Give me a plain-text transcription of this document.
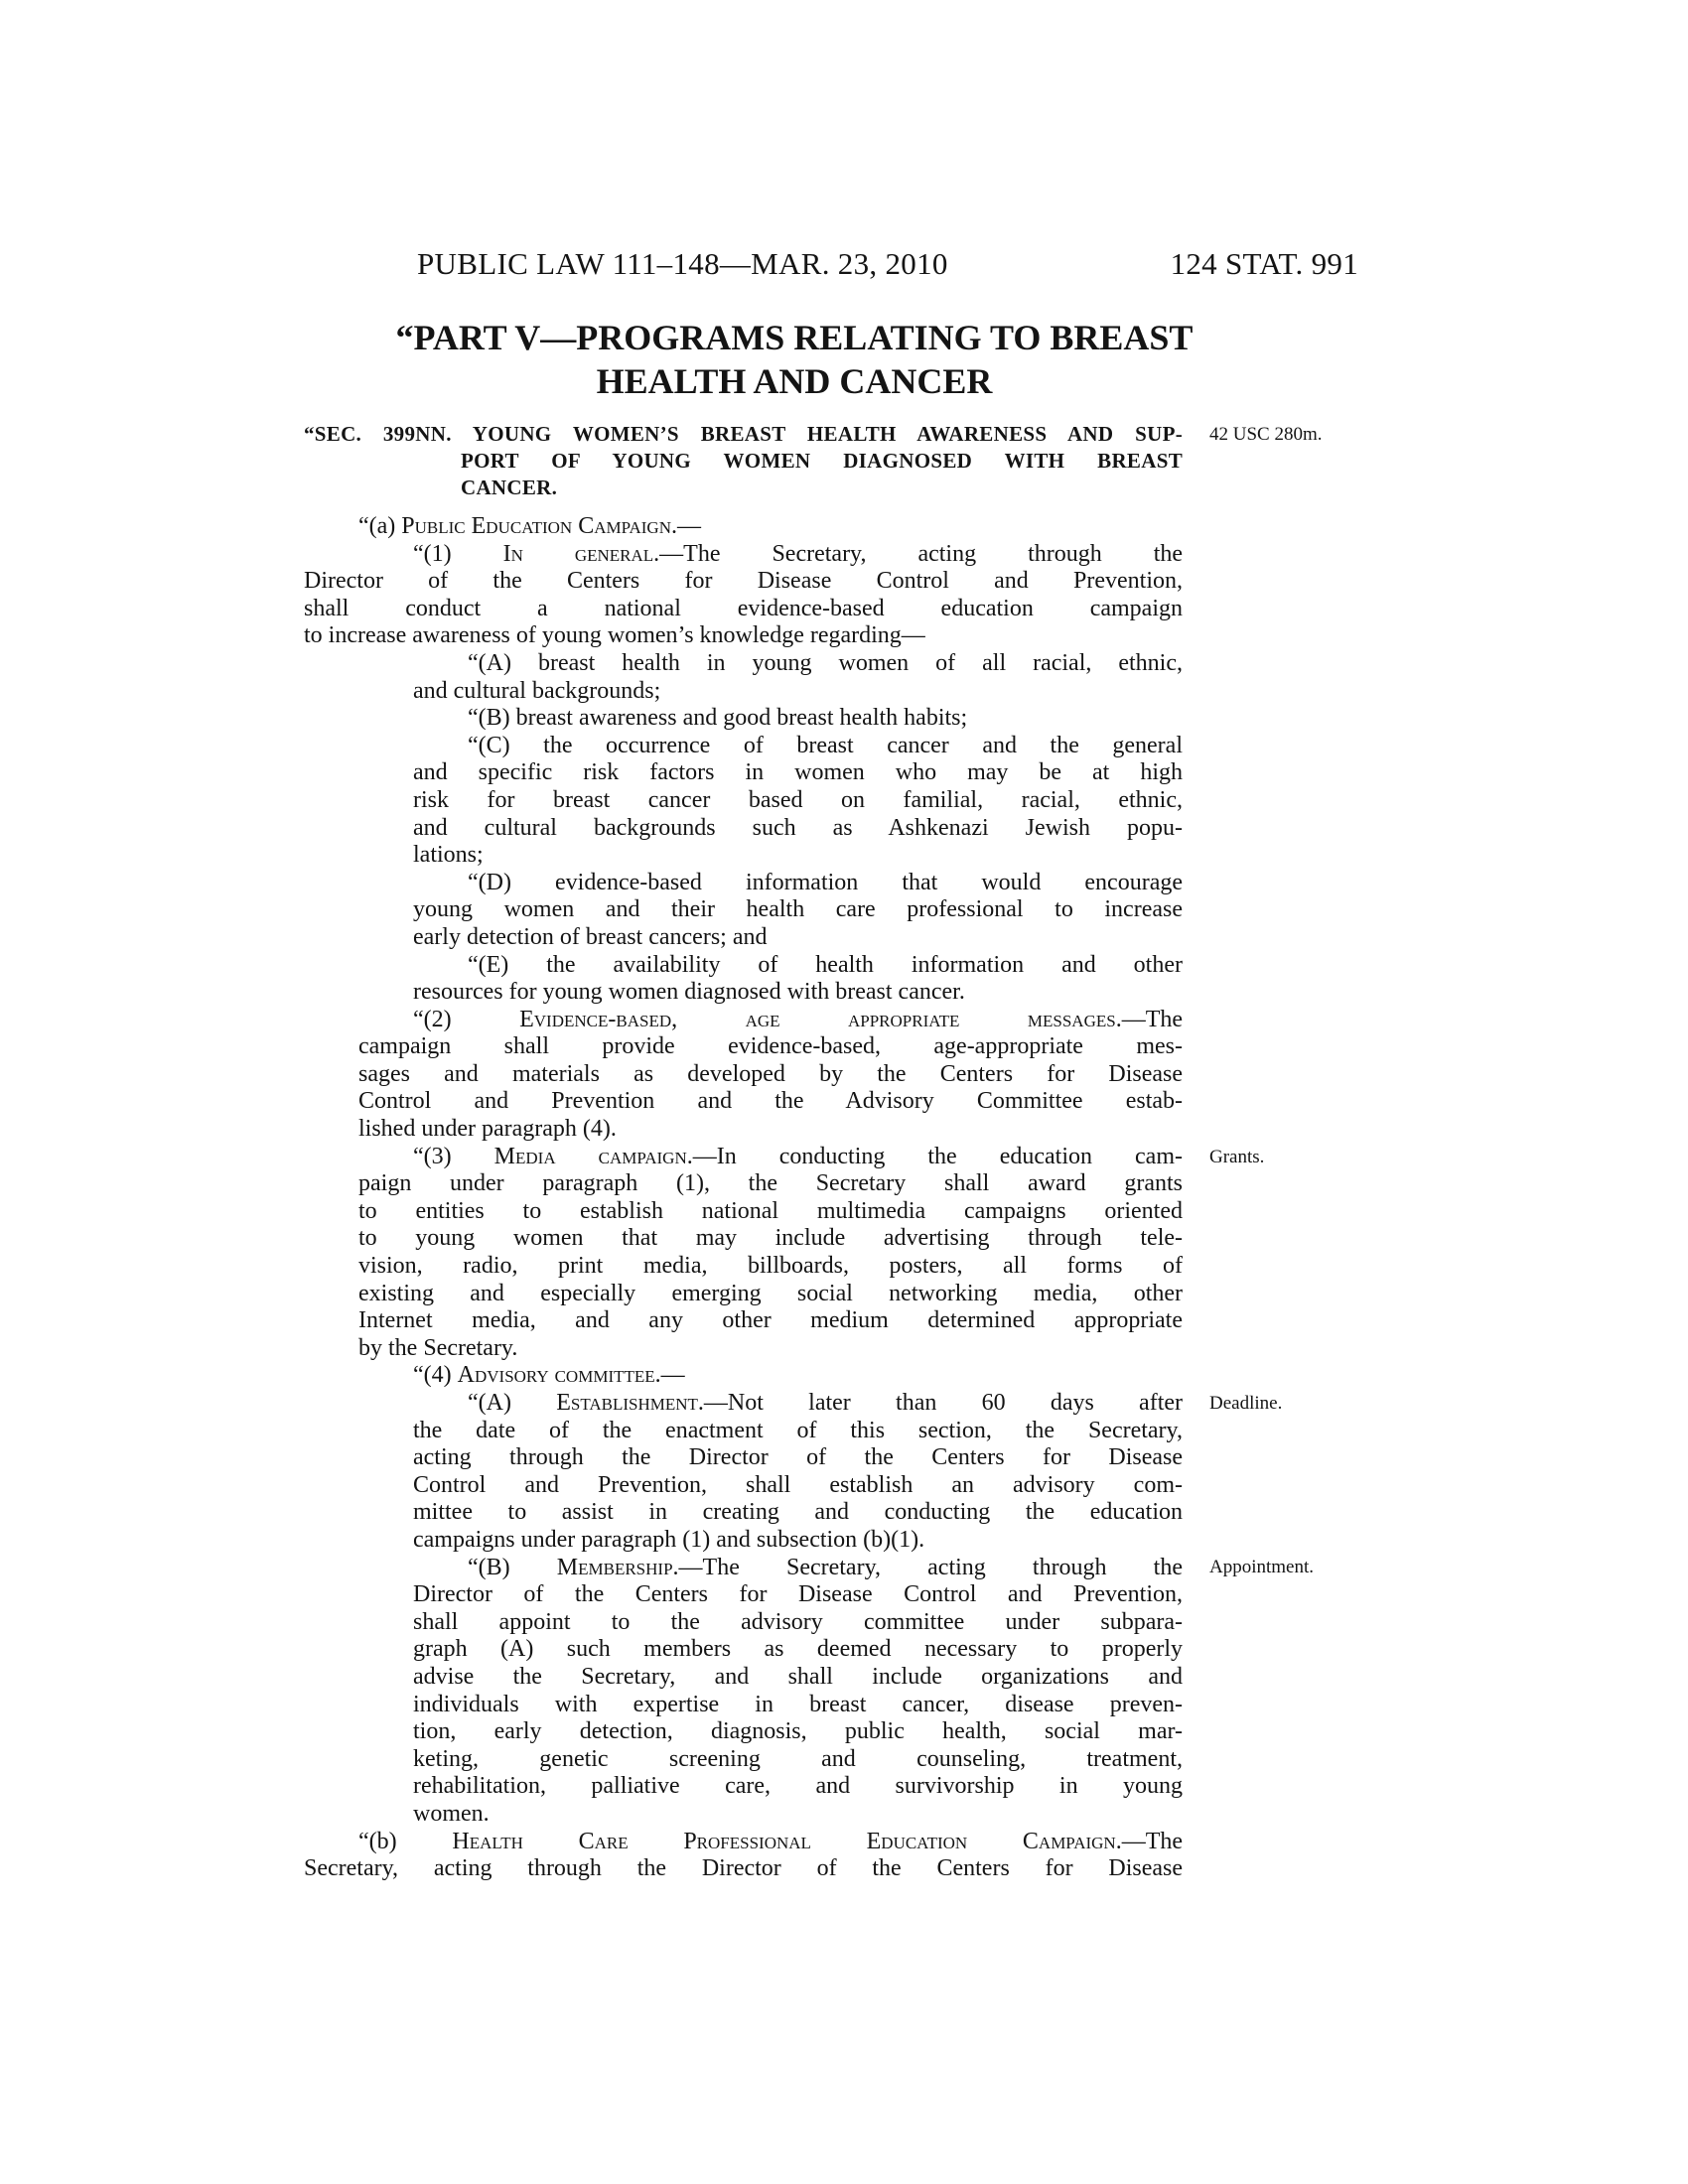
PUBLIC LAW 111–148—MAR. 23, 2010	124 STAT. 991
“PART V—PROGRAMS RELATING TO BREAST
HEALTH AND CANCER
“SEC. 399NN. YOUNG WOMEN’S BREAST HEALTH AWARENESS AND SUP-
PORT OF YOUNG WOMEN DIAGNOSED WITH BREAST
CANCER.
42 USC 280m.
Grants.
Deadline.
Appointment.
“(a) Public Education Campaign.—
“(1) In general.—The Secretary, acting through the
Director of the Centers for Disease Control and Prevention,
shall conduct a national evidence-based education campaign
to increase awareness of young women’s knowledge regarding—
“(A) breast health in young women of all racial, ethnic,
and cultural backgrounds;
“(B) breast awareness and good breast health habits;
“(C) the occurrence of breast cancer and the general
and specific risk factors in women who may be at high
risk for breast cancer based on familial, racial, ethnic,
and cultural backgrounds such as Ashkenazi Jewish popu-
lations;
“(D) evidence-based information that would encourage
young women and their health care professional to increase
early detection of breast cancers; and
“(E) the availability of health information and other
resources for young women diagnosed with breast cancer.
“(2) Evidence-based, age appropriate messages.—The
campaign shall provide evidence-based, age-appropriate mes-
sages and materials as developed by the Centers for Disease
Control and Prevention and the Advisory Committee estab-
lished under paragraph (4).
“(3) Media campaign.—In conducting the education cam-
paign under paragraph (1), the Secretary shall award grants
to entities to establish national multimedia campaigns oriented
to young women that may include advertising through tele-
vision, radio, print media, billboards, posters, all forms of
existing and especially emerging social networking media, other
Internet media, and any other medium determined appropriate
by the Secretary.
“(4) Advisory committee.—
“(A) Establishment.—Not later than 60 days after
the date of the enactment of this section, the Secretary,
acting through the Director of the Centers for Disease
Control and Prevention, shall establish an advisory com-
mittee to assist in creating and conducting the education
campaigns under paragraph (1) and subsection (b)(1).
“(B) Membership.—The Secretary, acting through the
Director of the Centers for Disease Control and Prevention,
shall appoint to the advisory committee under subpara-
graph (A) such members as deemed necessary to properly
advise the Secretary, and shall include organizations and
individuals with expertise in breast cancer, disease preven-
tion, early detection, diagnosis, public health, social mar-
keting, genetic screening and counseling, treatment,
rehabilitation, palliative care, and survivorship in young
women.
“(b) Health Care Professional Education Campaign.—The
Secretary, acting through the Director of the Centers for Disease
